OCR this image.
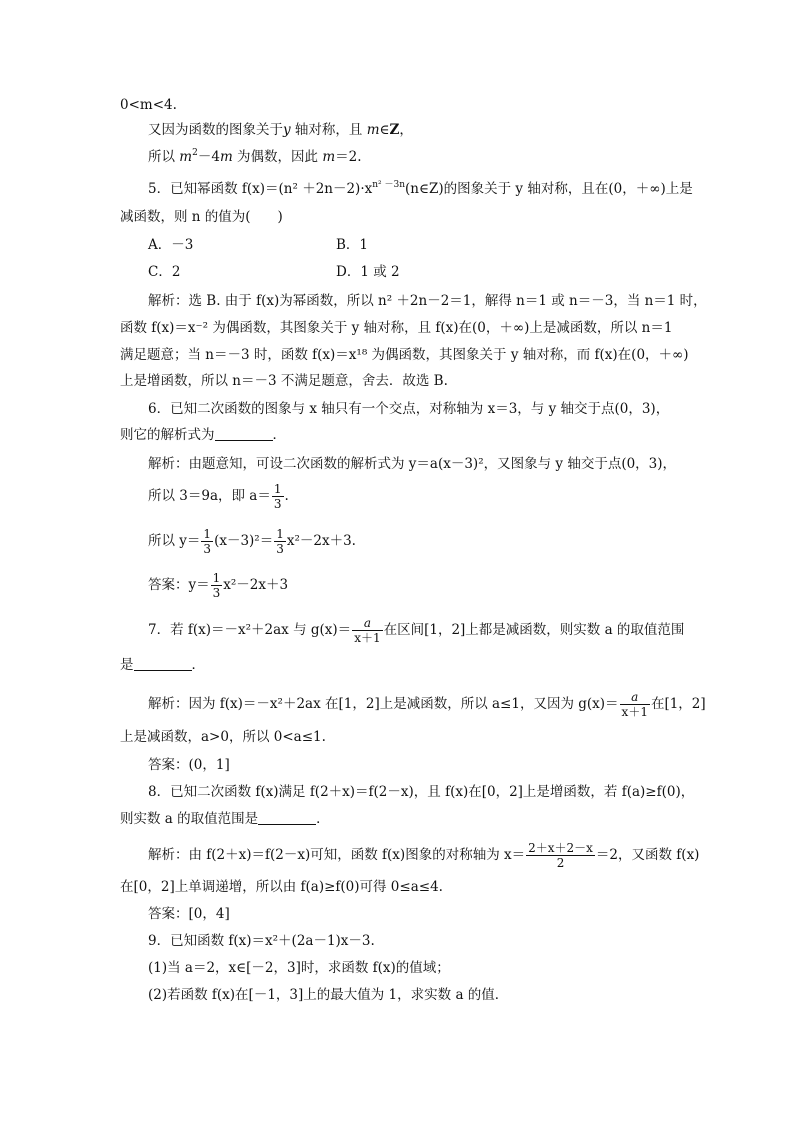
0<m<4.
又因为函数的图象关于y 轴对称，且 m∈Z，
所以 $m^2-4m$ 为偶数，因此 m＝2.
5．已知幂函数 $f(x)=(n^2 +2n-2)\cdot x^{n^2 -3n}(n\in Z)$的图象关于 y 轴对称，且在(0，＋∞)上是
减函数，则 n 的值为(　　)
A．－3	B．1
C．2	D．1 或 2
解析：选 B. 由于 f(x)为幂函数，所以 n² ＋2n－2＝1，解得 n＝1 或 n＝－3，当 n＝1 时，
函数 f(x)＝x⁻² 为偶函数，其图象关于 y 轴对称，且 f(x)在(0，＋∞)上是减函数，所以 n＝1
满足题意；当 n＝－3 时，函数 f(x)＝x¹⁸ 为偶函数，其图象关于 y 轴对称，而 f(x)在(0，＋∞)
上是增函数，所以 n＝－3 不满足题意，舍去．故选 B.
6．已知二次函数的图象与 x 轴只有一个交点，对称轴为 x＝3，与 y 轴交于点(0，3)，
则它的解析式为	．
解析：由题意知，可设二次函数的解析式为 y＝a(x－3)²，又图象与 y 轴交于点(0，3)，
所以 3＝9a，即 $a= \frac{1}{3}$ .
所以 $y= \frac{1}{3} (x-3)^2= \frac{1}{3} x^2-2x+3$.
答案：$y= \frac{1}{3} x^2-2x+3$
7．若 f(x)＝－x²＋2ax 与 $g(x)= \frac{a}{x+1}$ 在区间[1，2]上都是减函数，则实数 a 的取值范围
是	．
解析：因为 f(x)＝－x²＋2ax 在[1，2]上是减函数，所以 a≤1，又因为 $g(x)= \frac{a}{x+1}$ 在[1，2]
上是减函数，a>0，所以 0<a≤1.
答案：(0，1]
8．已知二次函数 f(x)满足 f(2＋x)＝f(2－x)，且 f(x)在[0，2]上是增函数，若 f(a)≥f(0)，
则实数 a 的取值范围是	．
解析：由 f(2＋x)＝f(2－x)可知，函数 f(x)图象的对称轴为 $x= \frac{2+x+2-x}{2} =2$，又函数 f(x)
在[0，2]上单调递增，所以由 f(a)≥f(0)可得 0≤a≤4.
答案：[0，4]
9．已知函数 f(x)＝x²＋(2a－1)x－3.
(1)当 a＝2，x∈[－2，3]时，求函数 f(x)的值域；
(2)若函数 f(x)在[－1，3]上的最大值为 1，求实数 a 的值．
